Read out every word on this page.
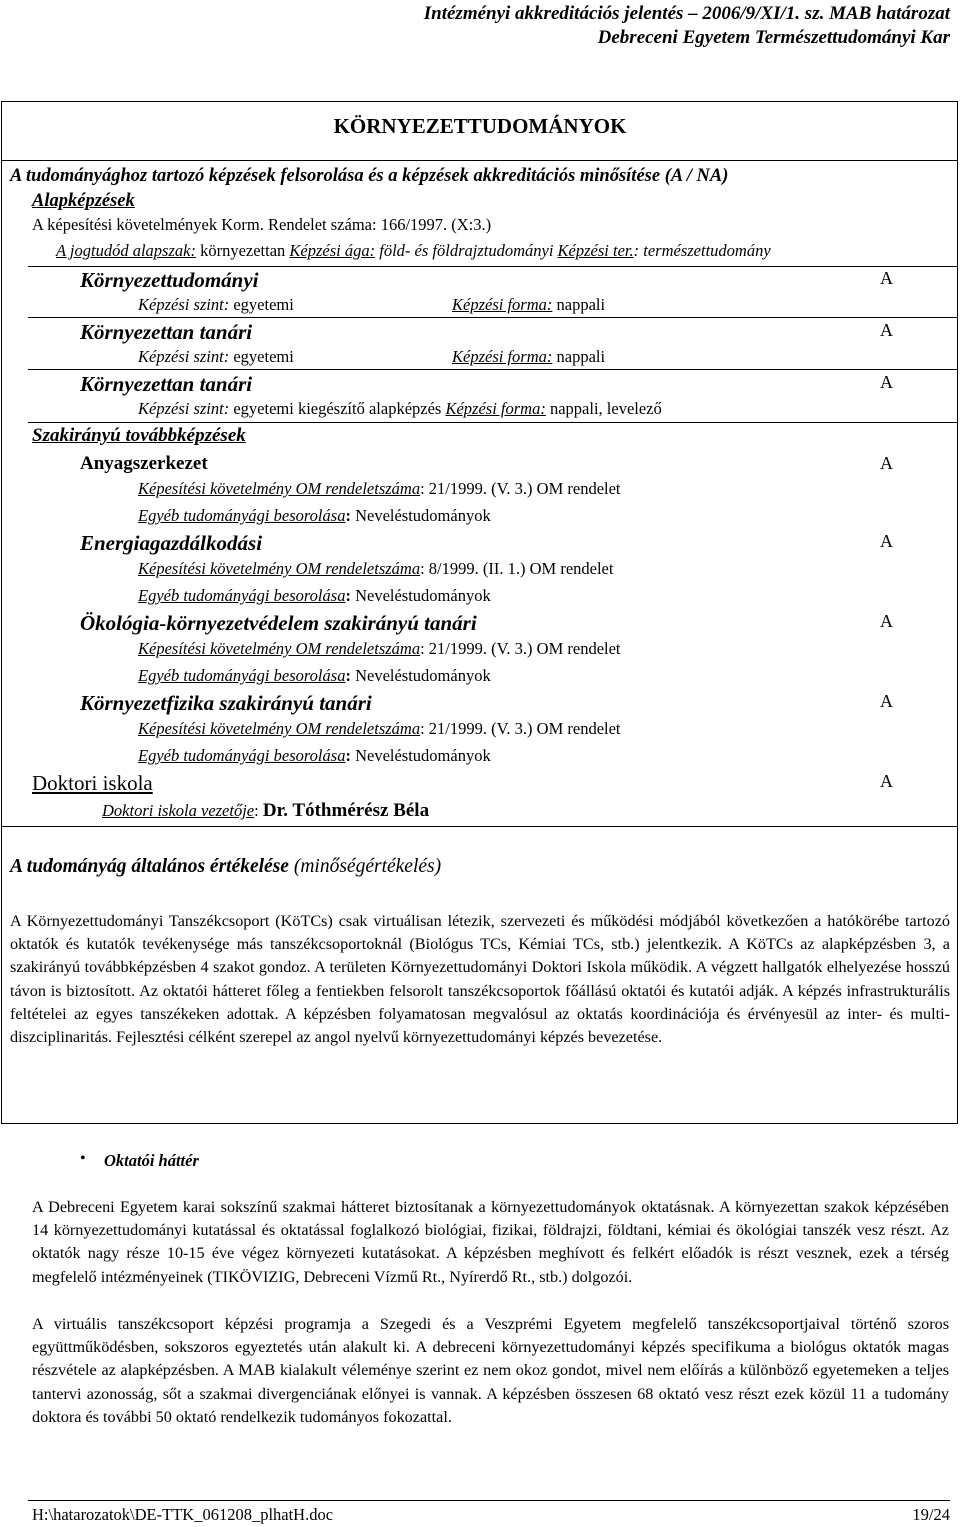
Intézményi akkreditációs jelentés – 2006/9/XI/1. sz. MAB határozat
Debreceni Egyetem Természettudományi Kar
KÖRNYEZETTUDOMÁNYOK
A tudományághoz tartozó képzések felsorolása és a képzések akkreditációs minősítése (A / NA)
Alapképzések
A képesítési követelmények Korm. Rendelet száma: 166/1997. (X:3.)
A jogtudód alapszak: környezettan Képzési ága: föld- és földrajztudományi Képzési ter.: természettudomány
Környezettudományi	A
Képzési szint: egyetemi	Képzési forma: nappali
Környezettan tanári	A
Képzési szint: egyetemi	Képzési forma: nappali
Környezettan tanári	A
Képzési szint: egyetemi kiegészítő alapképzés Képzési forma: nappali, levelező
Szakirányú továbbképzések
Anyagszerkezet	A
Képesítési követelmény OM rendeletszáma: 21/1999. (V. 3.) OM rendelet
Egyéb tudományági besorolása: Neveléstudományok
Energiagazdálkodási	A
Képesítési követelmény OM rendeletszáma: 8/1999. (II. 1.) OM rendelet
Egyéb tudományági besorolása: Neveléstudományok
Ökológia-környezetvédelem szakirányú tanári	A
Képesítési követelmény OM rendeletszáma: 21/1999. (V. 3.) OM rendelet
Egyéb tudományági besorolása: Neveléstudományok
Környezetfizika szakirányú tanári	A
Képesítési követelmény OM rendeletszáma: 21/1999. (V. 3.) OM rendelet
Egyéb tudományági besorolása: Neveléstudományok
Doktori iskola	A
Doktori iskola vezetője: Dr. Tóthmérész Béla
A tudományág általános értékelése (minőségértékelés)
A Környezettudományi Tanszékcsoport (KöTCs) csak virtuálisan létezik, szervezeti és működési módjából következően a hatókörébe tartozó oktatók és kutatók tevékenysége más tanszékcsoportoknál (Biológus TCs, Kémiai TCs, stb.) jelentkezik. A KöTCs az alapképzésben 3, a szakirányú továbbképzésben 4 szakot gondoz. A területen Környezettudományi Doktori Iskola működik. A végzett hallgatók elhelyezése hosszú távon is biztosított. Az oktatói hátteret főleg a fentiekben felsorolt tanszékcsoportok főállású oktatói és kutatói adják. A képzés infrastrukturális feltételei az egyes tanszékeken adottak. A képzésben folyamatosan megvalósul az oktatás koordinációja és érvényesül az inter- és multi-diszciplinaritás. Fejlesztési célként szerepel az angol nyelvű környezettudományi képzés bevezetése.
• Oktatói háttér
A Debreceni Egyetem karai sokszínű szakmai hátteret biztosítanak a környezettudományok oktatásnak. A környezettan szakok képzésében 14 környezettudományi kutatással és oktatással foglalkozó biológiai, fizikai, földrajzi, földtani, kémiai és ökológiai tanszék vesz részt. Az oktatók nagy része 10-15 éve végez környezeti kutatásokat. A képzésben meghívott és felkért előadók is részt vesznek, ezek a térség megfelelő intézményeinek (TIKÖVIZIG, Debreceni Vízmű Rt., Nyírerdő Rt., stb.) dolgozói.
A virtuális tanszékcsoport képzési programja a Szegedi és a Veszprémi Egyetem megfelelő tanszékcsoportjaival történő szoros együttműködésben, sokszoros egyeztetés után alakult ki. A debreceni környezettudományi képzés specifikuma a biológus oktatók magas részvétele az alapképzésben. A MAB kialakult véleménye szerint ez nem okoz gondot, mivel nem előírás a különböző egyetemeken a teljes tantervi azonosság, sőt a szakmai divergenciának előnyei is vannak. A képzésben összesen 68 oktató vesz részt ezek közül 11 a tudomány doktora és további 50 oktató rendelkezik tudományos fokozattal.
H:\hatarozatok\DE-TTK_061208_plhatH.doc	19/24
